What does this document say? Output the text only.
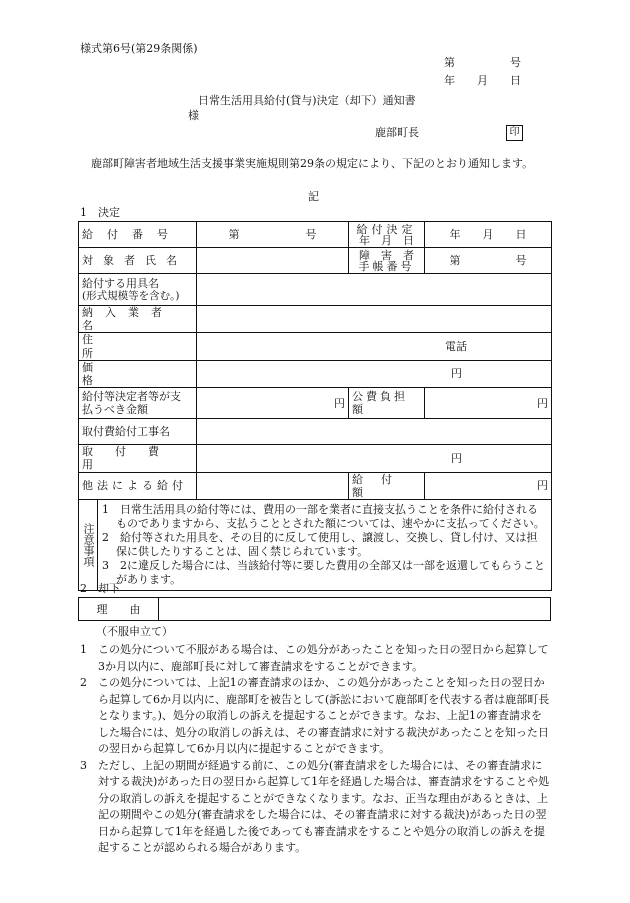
様式第6号(第29条関係)
第　　　　　号
年　　月　　日
日常生活用具給付(貸与)決定（却下）通知書
様
鹿部町長	印
鹿部町障害者地域生活支援事業実施規則第29条の規定により、下記のとおり通知します。
記
1　決定
給付番号	第　　　　　　号	給付決定
年　月　日	年　　月　　日
対象者氏名		障　害　者
手帳番号	第　　　　　号

給付する用具名
(形式規模等を含む。)			

納入業者名			

住所	電話		
価格	円		

給付等決定者等が支
払うべき金額	円	公費負担額	円
取付費給付工事名			
取付費用	円		
他法による給付		給付額	円

注意事項
1　日常生活用具の給付等には、費用の一部を業者に直接支払うことを条件に給付されるものでありますから、支払うこととされた額については、速やかに支払ってください。
2　給付等された用具を、その目的に反して使用し、譲渡し、交換し、貸し付け、又は担保に供したりすることは、固く禁じられています。
3　2に違反した場合には、当該給付等に要した費用の全部又は一部を返還してもらうことがあります。			
2　却下
理　　由	
（不服申立て）

1　この処分について不服がある場合は、この処分があったことを知った日の翌日から起算して3か月以内に、鹿部町長に対して審査請求をすることができます。

2　この処分については、上記1の審査請求のほか、この処分があったことを知った日の翌日から起算して6か月以内に、鹿部町を被告として(訴訟において鹿部町を代表する者は鹿部町長となります。)、処分の取消しの訴えを提起することができます。なお、上記1の審査請求をした場合には、処分の取消しの訴えは、その審査請求に対する裁決があったことを知った日の翌日から起算して6か月以内に提起することができます。

3　ただし、上記の期間が経過する前に、この処分(審査請求をした場合には、その審査請求に対する裁決)があった日の翌日から起算して1年を経過した場合は、審査請求をすることや処分の取消しの訴えを提起することができなくなります。なお、正当な理由があるときは、上記の期間やこの処分(審査請求をした場合には、その審査請求に対する裁決)があった日の翌日から起算して1年を経過した後であっても審査請求をすることや処分の取消しの訴えを提起することが認められる場合があります。
